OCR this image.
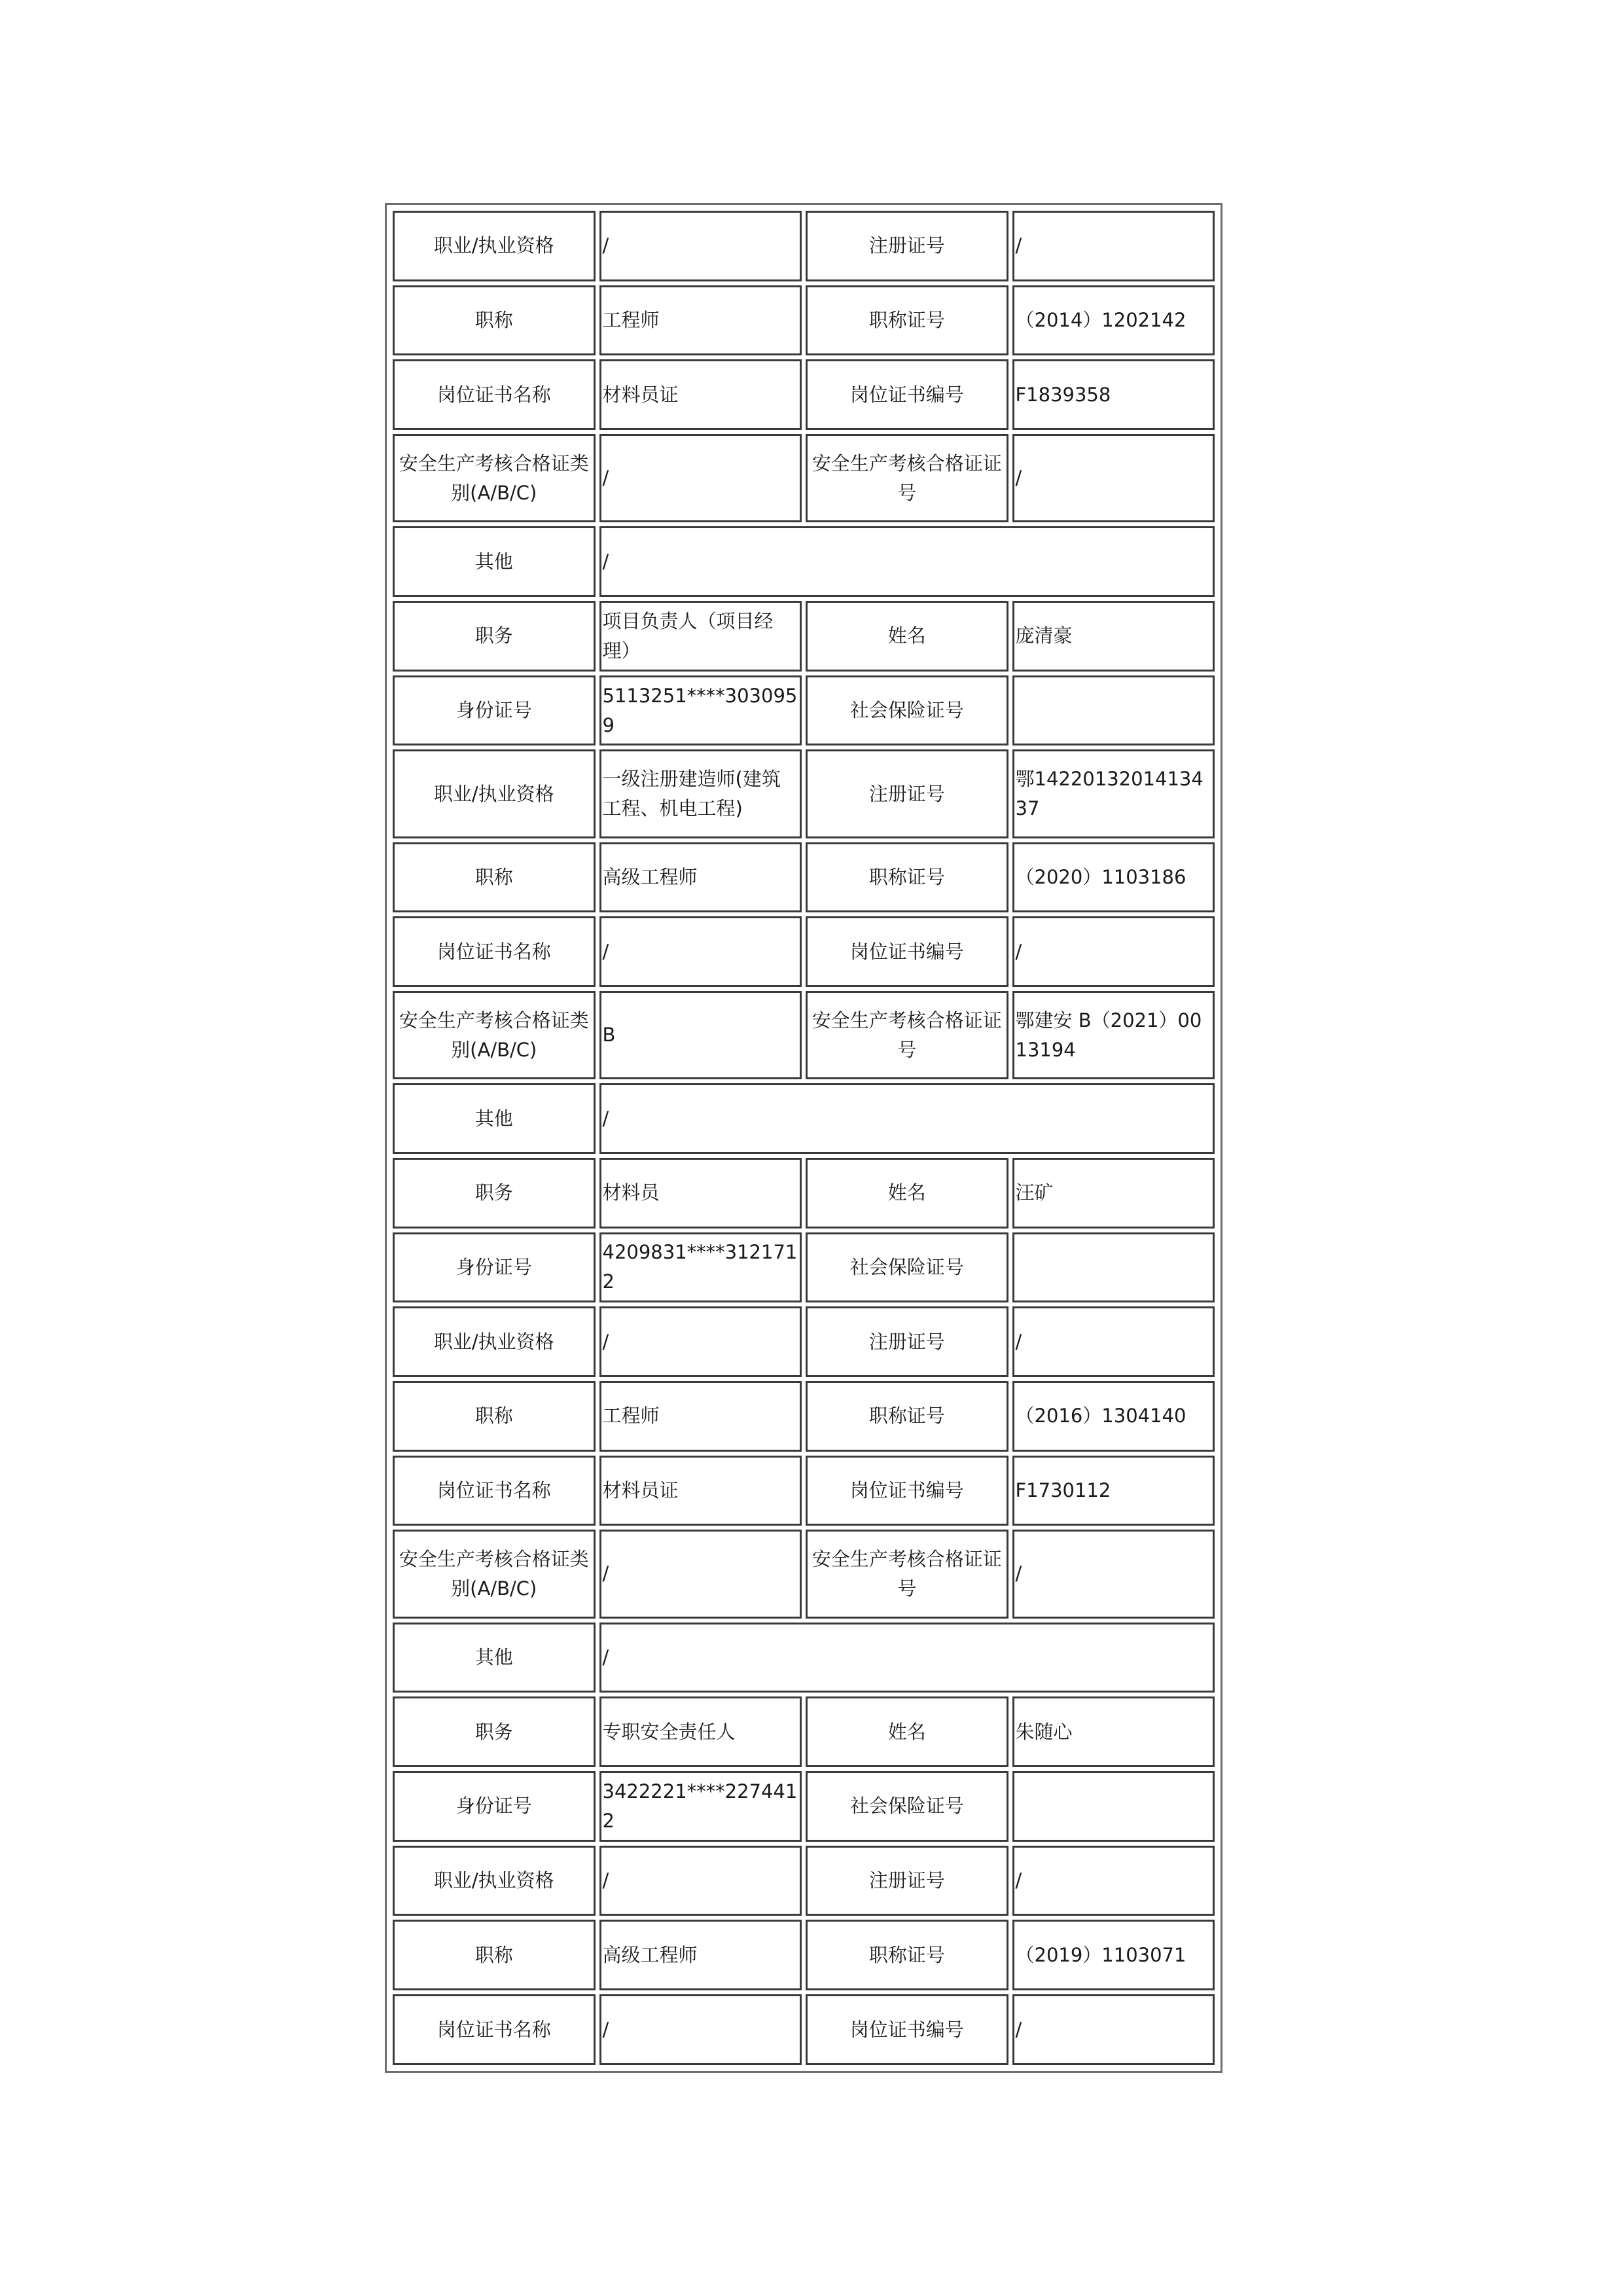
职业/执业资格	/	注册证号	/
职称	工程师	职称证号	（2014）1202142
岗位证书名称	材料员证	岗位证书编号	F1839358
安全生产考核合格证类别(A/B/C)	/	安全生产考核合格证证号	/
其他	/		
职务	项目负责人（项目经理）	姓名	庞清豪
身份证号	5113251****3030959	社会保险证号	
职业/执业资格	一级注册建造师(建筑工程、机电工程)	注册证号	鄂1422013201413437
职称	高级工程师	职称证号	（2020）1103186
岗位证书名称	/	岗位证书编号	/
安全生产考核合格证类别(A/B/C)	B	安全生产考核合格证证号	鄂建安 B（2021）0013194
其他	/		
职务	材料员	姓名	汪矿
身份证号	4209831****3121712	社会保险证号	
职业/执业资格	/	注册证号	/
职称	工程师	职称证号	（2016）1304140
岗位证书名称	材料员证	岗位证书编号	F1730112
安全生产考核合格证类别(A/B/C)	/	安全生产考核合格证证号	/
其他	/		
职务	专职安全责任人	姓名	朱随心
身份证号	3422221****2274412	社会保险证号	
职业/执业资格	/	注册证号	/
职称	高级工程师	职称证号	（2019）1103071
岗位证书名称	/	岗位证书编号	/
